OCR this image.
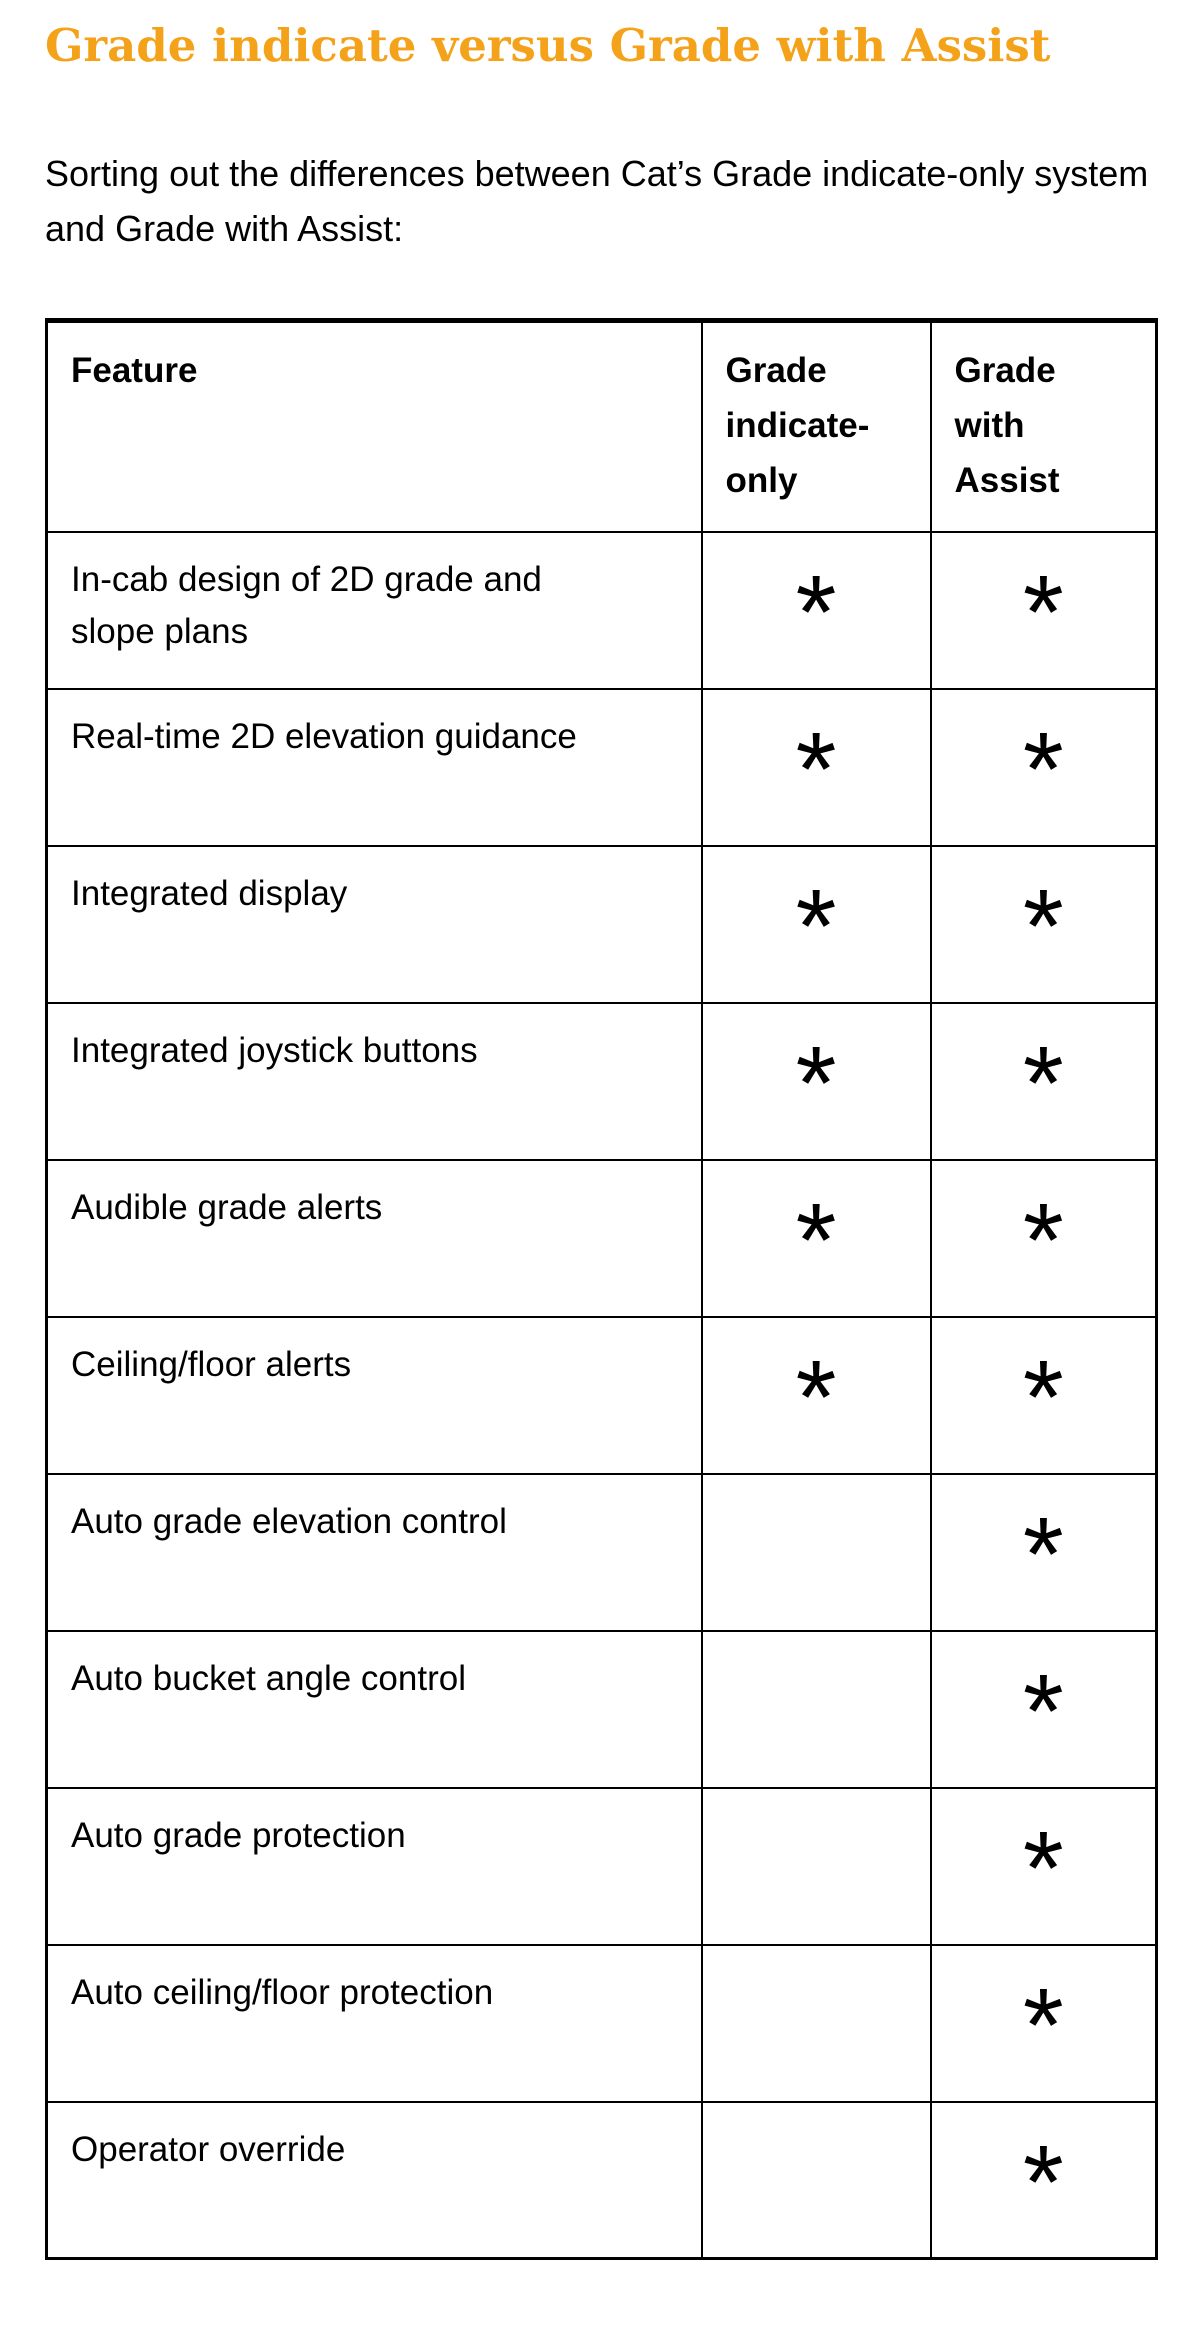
Grade indicate versus Grade with Assist

Sorting out the differences between Cat’s Grade indicate-only system and Grade with Assist:

Feature	Grade indicate-only	Grade with Assist
In-cab design of 2D grade and slope plans	*	*
Real-time 2D elevation guidance	*	*
Integrated display	*	*
Integrated joystick buttons	*	*
Audible grade alerts	*	*
Ceiling/floor alerts	*	*
Auto grade elevation control		*
Auto bucket angle control		*
Auto grade protection		*
Auto ceiling/floor protection		*
Operator override		*
